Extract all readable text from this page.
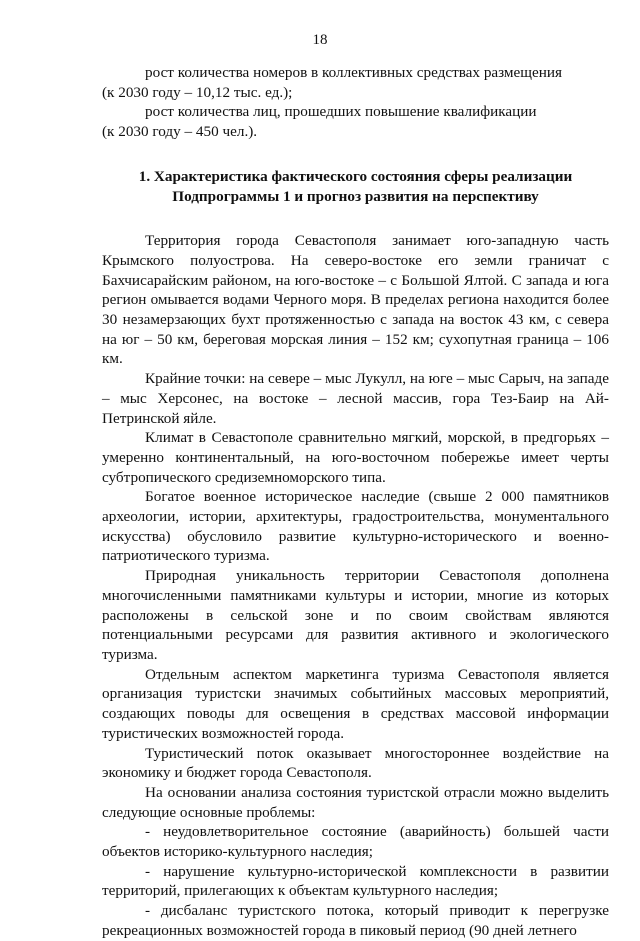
18

рост количества номеров в коллективных средствах размещения
(к 2030 году – 10,12 тыс. ед.);

рост количества лиц, прошедших повышение квалификации
(к 2030 году – 450 чел.).

1. Характеристика фактического состояния сферы реализации
Подпрограммы 1 и прогноз развития на перспективу

Территория города Севастополя занимает юго-западную часть Крымского полуострова. На северо-востоке его земли граничат с Бахчисарайским районом, на юго-востоке – с Большой Ялтой. С запада и юга регион омывается водами Черного моря. В пределах региона находится более 30 незамерзающих бухт протяженностью с запада на восток 43 км, с севера на юг – 50 км, береговая морская линия – 152 км; сухопутная граница – 106 км.

Крайние точки: на севере – мыс Лукулл, на юге – мыс Сарыч, на западе – мыс Херсонес, на востоке – лесной массив, гора Тез-Баир на Ай-Петринской яйле.

Климат в Севастополе сравнительно мягкий, морской, в предгорьях – умеренно континентальный, на юго-восточном побережье имеет черты субтропического средиземноморского типа.

Богатое военное историческое наследие (свыше 2 000 памятников археологии, истории, архитектуры, градостроительства, монументального искусства) обусловило развитие культурно-исторического и военно-патриотического туризма.

Природная уникальность территории Севастополя дополнена многочисленными памятниками культуры и истории, многие из которых расположены в сельской зоне и по своим свойствам являются потенциальными ресурсами для развития активного и экологического туризма.

Отдельным аспектом маркетинга туризма Севастополя является организация туристски значимых событийных массовых мероприятий, создающих поводы для освещения в средствах массовой информации туристических возможностей города.

Туристический поток оказывает многостороннее воздействие на экономику и бюджет города Севастополя.

На основании анализа состояния туристской отрасли можно выделить следующие основные проблемы:

- неудовлетворительное состояние (аварийность) большей части объектов историко-культурного наследия;

- нарушение культурно-исторической комплексности в развитии территорий, прилегающих к объектам культурного наследия;

- дисбаланс туристского потока, который приводит к перегрузке рекреационных возможностей города в пиковый период (90 дней летнего
